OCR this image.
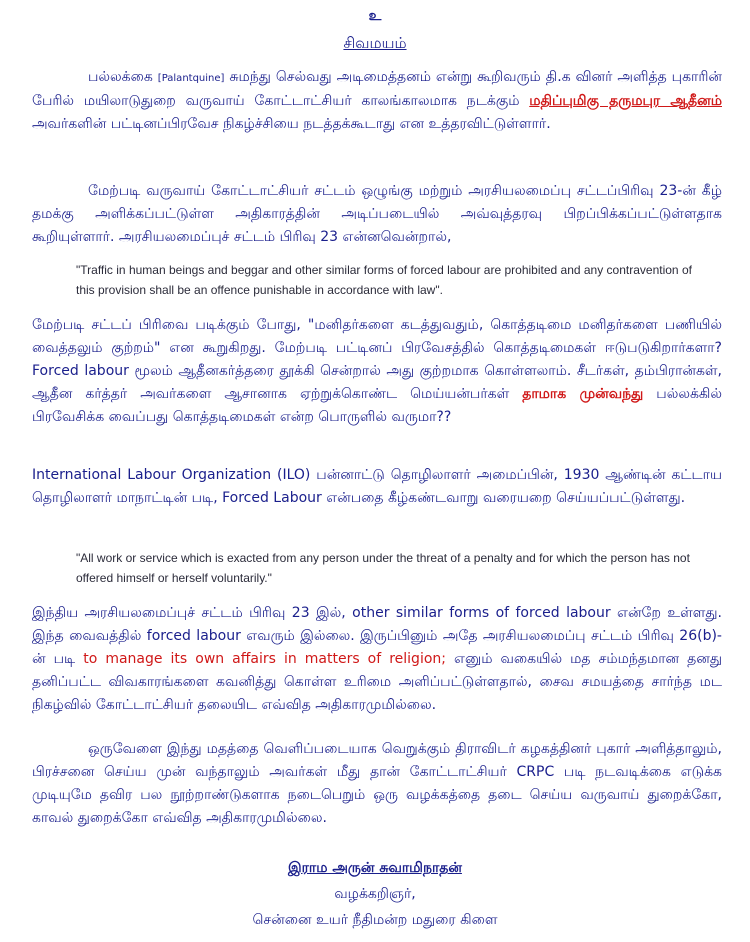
உ
சிவமயம்
பல்லக்கை [Palantquine] சுமந்து செல்வது அடிமைத்தனம் என்று கூறிவரும் தி.க வினர் அளித்த புகாரின் பேரில் மயிலாடுதுறை வருவாய் கோட்டாட்சியர் காலங்காலமாக நடக்கும் மதிப்புமிகு தருமபுர ஆதீனம் அவர்களின் பட்டினப்பிரவேச நிகழ்ச்சியை நடத்தக்கூடாது என உத்தரவிட்டுள்ளார்.
மேற்படி வருவாய் கோட்டாட்சியர் சட்டம் ஒழுங்கு மற்றும் அரசியலமைப்பு சட்டப்பிரிவு 23-ன் கீழ் தமக்கு அளிக்கப்பட்டுள்ள அதிகாரத்தின் அடிப்படையில் அவ்வுத்தரவு பிறப்பிக்கப்பட்டுள்ளதாக கூறியுள்ளார். அரசியலமைப்புச் சட்டம் பிரிவு 23 என்னவென்றால்,
"Traffic in human beings and beggar and other similar forms of forced labour are prohibited and any contravention of this provision shall be an offence punishable in accordance with law".
மேற்படி சட்டப் பிரிவை படிக்கும் போது, "மனிதர்களை கடத்துவதும், கொத்தடிமை மனிதர்களை பணியில் வைத்தலும் குற்றம்" என கூறுகிறது. மேற்படி பட்டினப் பிரவேசத்தில் கொத்தடிமைகள் ஈடுபடுகிறார்களா? Forced labour மூலம் ஆதீனகர்த்தரை தூக்கி சென்றால் அது குற்றமாக கொள்ளலாம். சீடர்கள், தம்பிரான்கள், ஆதீன கர்த்தர் அவர்களை ஆசானாக ஏற்றுக்கொண்ட மெய்யன்பர்கள் தாமாக முன்வந்து பல்லக்கில் பிரவேசிக்க வைப்பது கொத்தடிமைகள் என்ற பொருளில் வருமா??
International Labour Organization (ILO) பன்னாட்டு தொழிலாளர் அமைப்பின், 1930 ஆண்டின் கட்டாய தொழிலாளர் மாநாட்டின் படி, Forced Labour என்பதை கீழ்கண்டவாறு வரையறை செய்யப்பட்டுள்ளது.
"All work or service which is exacted from any person under the threat of a penalty and for which the person has not offered himself or herself voluntarily."
இந்திய அரசியலமைப்புச் சட்டம் பிரிவு 23 இல், other similar forms of forced labour என்றே உள்ளது. இந்த வைவத்தில் forced labour எவரும் இல்லை. இருப்பினும் அதே அரசியலமைப்பு சட்டம் பிரிவு 26(b)-ன் படி to manage its own affairs in matters of religion; எனும் வகையில் மத சம்மந்தமான தனது தனிப்பட்ட விவகாரங்களை கவனித்து கொள்ள உரிமை அளிப்பட்டுள்ளதால், சைவ சமயத்தை சார்ந்த மட நிகழ்வில் கோட்டாட்சியர் தலையிட எவ்வித அதிகாரமுமில்லை.
ஒருவேளை இந்து மதத்தை வெளிப்படையாக வெறுக்கும் திராவிடர் கழகத்தினர் புகார் அளித்தாலும், பிரச்சனை செய்ய முன் வந்தாலும் அவர்கள் மீது தான் கோட்டாட்சியர் CRPC படி நடவடிக்கை எடுக்க முடியுமே தவிர பல நூற்றாண்டுகளாக நடைபெறும் ஒரு வழக்கத்தை தடை செய்ய வருவாய் துறைக்கோ, காவல் துறைக்கோ எவ்வித அதிகாரமுமில்லை.
இராம அருன் சுவாமிநாதன்
வழக்கறிஞர்,
சென்னை உயர் நீதிமன்ற மதுரை கிளை
